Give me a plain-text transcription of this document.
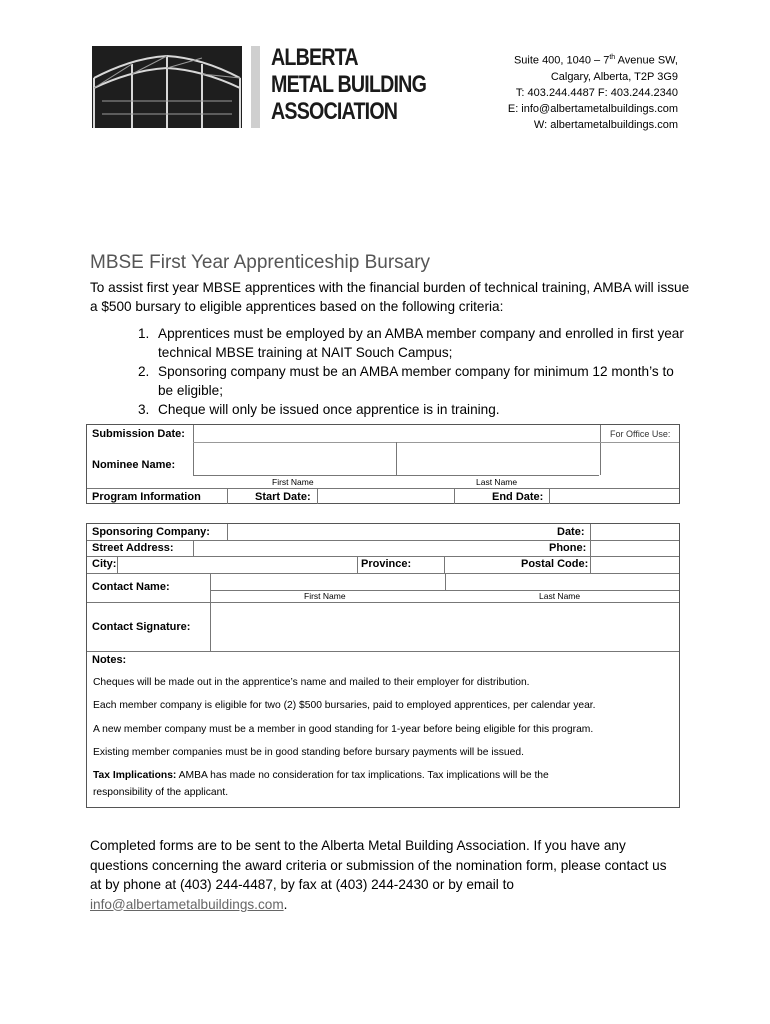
ALBERTA
METAL BUILDING
ASSOCIATION
Suite 400, 1040 – 7th Avenue SW,
Calgary, Alberta, T2P 3G9
T: 403.244.4487 F: 403.244.2340
E: info@albertametalbuildings.com
W: albertametalbuildings.com
MBSE First Year Apprenticeship Bursary
To assist first year MBSE apprentices with the financial burden of technical training, AMBA will issue a $500 bursary to eligible apprentices based on the following criteria:
1. Apprentices must be employed by an AMBA member company and enrolled in first year technical MBSE training at NAIT Souch Campus;
2. Sponsoring company must be an AMBA member company for minimum 12 month’s to be eligible;
3. Cheque will only be issued once apprentice is in training.
Submission Date:	For Office Use:
Nominee Name:
First Name	Last Name
Program Information	Start Date:	End Date:
Sponsoring Company:	Date:
Street Address:	Phone:
City:	Province:	Postal Code:
Contact Name:
First Name	Last Name
Contact Signature:
Notes:
Cheques will be made out in the apprentice’s name and mailed to their employer for distribution.
Each member company is eligible for two (2) $500 bursaries, paid to employed apprentices, per calendar year.
A new member company must be a member in good standing for 1-year before being eligible for this program.
Existing member companies must be in good standing before bursary payments will be issued.
Tax Implications: AMBA has made no consideration for tax implications. Tax implications will be the
responsibility of the applicant.
Completed forms are to be sent to the Alberta Metal Building Association. If you have any questions concerning the award criteria or submission of the nomination form, please contact us at by phone at (403) 244-4487, by fax at (403) 244-2430 or by email to info@albertametalbuildings.com.
